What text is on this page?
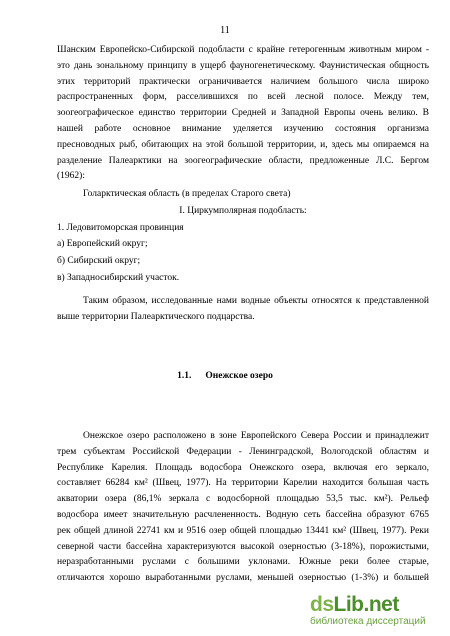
11

Шанским Европейско-Сибирской подобласти с крайне гетерогенным животным миром -
это дань зональному принципу в ущерб фауногенетическому. Фаунистическая общность
этих территорий практически ограничивается наличием большого числа широко
распространенных форм, расселившихся по всей лесной полосе. Между тем,
зоогеографическое единство территории Средней и Западной Европы очень велико. В
нашей работе основное внимание уделяется изучению состояния организма
пресноводных рыб, обитающих на этой большой территории, и, здесь мы опираемся на
разделение Палеарктики на зоогеографические области, предложенные Л.С. Бергом
(1962):

Голарктическая область (в пределах Старого света)

I. Циркумполярная подобласть:

1. Ледовитоморская провинция

а) Европейский округ;

б) Сибирский округ;

в) Западносибирский участок.

Таким образом, исследованные нами водные объекты относятся к представленной
выше территории Палеарктического подцарства.

1.1. Онежское озеро

Онежское озеро расположено в зоне Европейского Севера России и принадлежит
трем субъектам Российской Федерации - Ленинградской, Вологодской областям и
Республике Карелия. Площадь водосбора Онежского озера, включая его зеркало,
составляет 66284 км² (Швец, 1977). На территории Карелии находится большая часть
акватории озера (86,1% зеркала с водосборной площадью 53,5 тыс. км²). Рельеф
водосбора имеет значительную расчлененность. Водную сеть бассейна образуют 6765
рек общей длиной 22741 км и 9516 озер общей площадью 13441 км² (Швец, 1977). Реки
северной части бассейна характеризуются высокой озерностью (3-18%), порожистыми,
неразработанными руслами с большими уклонами. Южные реки более старые,
отличаются хорошо выработанными руслами, меньшей озерностью (1-3%) и большей

dsLib.net
библиотека диссертаций
